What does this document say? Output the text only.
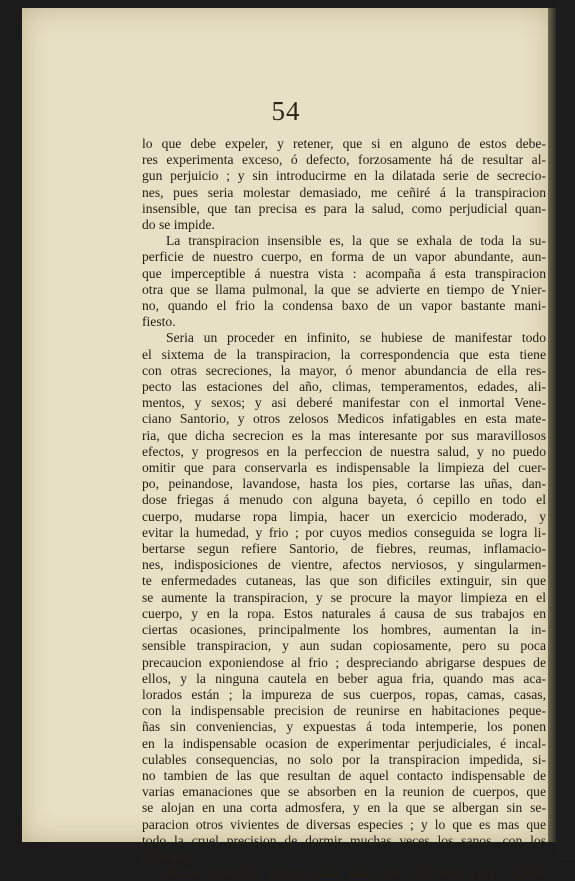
54
lo que debe expeler, y retener, que si en alguno de estos debe-
res experimenta exceso, ó defecto, forzosamente há de resultar al-
gun perjuicio ; y sin introducirme en la dilatada serie de secrecio-
nes, pues seria molestar demasiado, me ceñiré á la transpiracion
insensible, que tan precisa es para la salud, como perjudicial quan-
do se impide.
La transpiracion insensible es, la que se exhala de toda la su-
perficie de nuestro cuerpo, en forma de un vapor abundante, aun-
que imperceptible á nuestra vista : acompaña á esta transpiracion
otra que se llama pulmonal, la que se advierte en tiempo de Ynier-
no, quando el frio la condensa baxo de un vapor bastante mani-
fiesto.
Seria un proceder en infinito, se hubiese de manifestar todo
el sixtema de la transpiracion, la correspondencia que esta tiene
con otras secreciones, la mayor, ó menor abundancia de ella res-
pecto las estaciones del año, climas, temperamentos, edades, ali-
mentos, y sexos; y asi deberé manifestar con el inmortal Vene-
ciano Santorio, y otros zelosos Medicos infatigables en esta mate-
ria, que dicha secrecion es la mas interesante por sus maravillosos
efectos, y progresos en la perfeccion de nuestra salud, y no puedo
omitir que para conservarla es indispensable la limpieza del cuer-
po, peinandose, lavandose, hasta los pies, cortarse las uñas, dan-
dose friegas á menudo con alguna bayeta, ó cepillo en todo el
cuerpo, mudarse ropa limpia, hacer un exercicio moderado, y
evitar la humedad, y frio ; por cuyos medios conseguida se logra li-
bertarse segun refiere Santorio, de fiebres, reumas, inflamacio-
nes, indisposiciones de vientre, afectos nerviosos, y singularmen-
te enfermedades cutaneas, las que son dificiles extinguir, sin que
se aumente la transpiracion, y se procure la mayor limpieza en el
cuerpo, y en la ropa. Estos naturales á causa de sus trabajos en
ciertas ocasiones, principalmente los hombres, aumentan la in-
sensible transpiracion, y aun sudan copiosamente, pero su poca
precaucion exponiendose al frio ; despreciando abrigarse despues de
ellos, y la ninguna cautela en beber agua fria, quando mas aca-
lorados están ; la impureza de sus cuerpos, ropas, camas, casas,
con la indispensable precision de reunirse en habitaciones peque-
ñas sin conveniencias, y expuestas á toda intemperie, los ponen
en la indispensable ocasion de experimentar perjudiciales, é incal-
culables consequencias, no solo por la transpiracion impedida, si-
no tambien de las que resultan de aquel contacto indispensable de
varias emanaciones que se absorben en la reunion de cuerpos, que
se alojan en una corta admosfera, y en la que se albergan sin se-
paracion otros vivientes de diversas especies ; y lo que es mas que
todo la cruel precision de dormir muchas veces los sanos, con los
enfermos.
Puede agregarse como causa mas que suficiente para impedir
